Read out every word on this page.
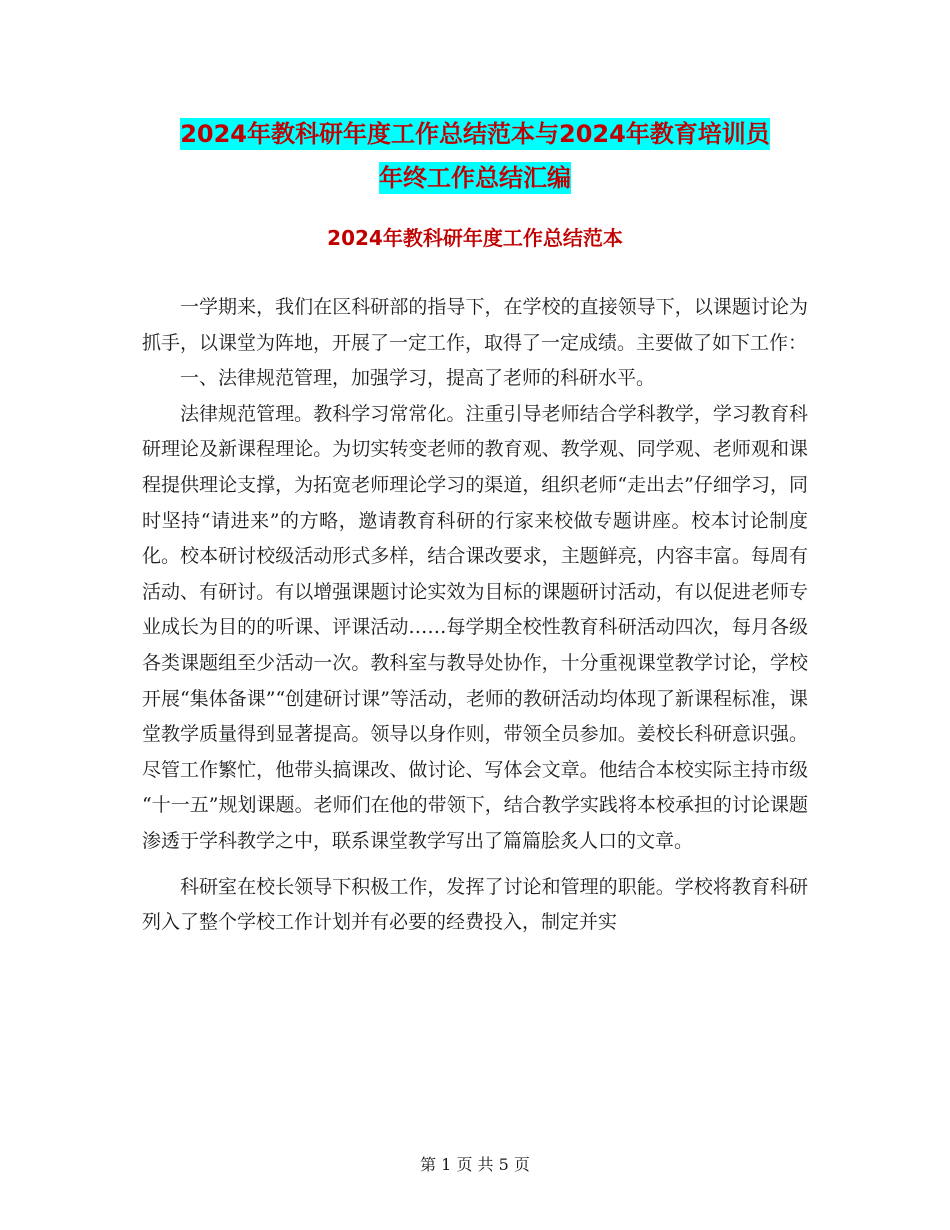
2024年教科研年度工作总结范本与2024年教育培训员
年终工作总结汇编
2024年教科研年度工作总结范本

一学期来，我们在区科研部的指导下，在学校的直接领导下，以课题讨论为抓手，以课堂为阵地，开展了一定工作，取得了一定成绩。主要做了如下工作：

一、法律规范管理，加强学习，提高了老师的科研水平。

法律规范管理。教科学习常常化。注重引导老师结合学科教学，学习教育科研理论及新课程理论。为切实转变老师的教育观、教学观、同学观、老师观和课程提供理论支撑，为拓宽老师理论学习的渠道，组织老师“走出去”仔细学习，同时坚持“请进来”的方略，邀请教育科研的行家来校做专题讲座。校本讨论制度化。校本研讨校级活动形式多样，结合课改要求，主题鲜亮，内容丰富。每周有活动、有研讨。有以增强课题讨论实效为目标的课题研讨活动，有以促进老师专业成长为目的的听课、评课活动……每学期全校性教育科研活动四次，每月各级各类课题组至少活动一次。教科室与教导处协作，十分重视课堂教学讨论，学校开展“集体备课”“创建研讨课”等活动，老师的教研活动均体现了新课程标准，课堂教学质量得到显著提高。领导以身作则，带领全员参加。姜校长科研意识强。尽管工作繁忙，他带头搞课改、做讨论、写体会文章。他结合本校实际主持市级 “十一五”规划课题。老师们在他的带领下，结合教学实践将本校承担的讨论课题渗透于学科教学之中，联系课堂教学写出了篇篇脍炙人口的文章。

科研室在校长领导下积极工作，发挥了讨论和管理的职能。学校将教育科研列入了整个学校工作计划并有必要的经费投入，制定并实

第 1 页 共 5 页
